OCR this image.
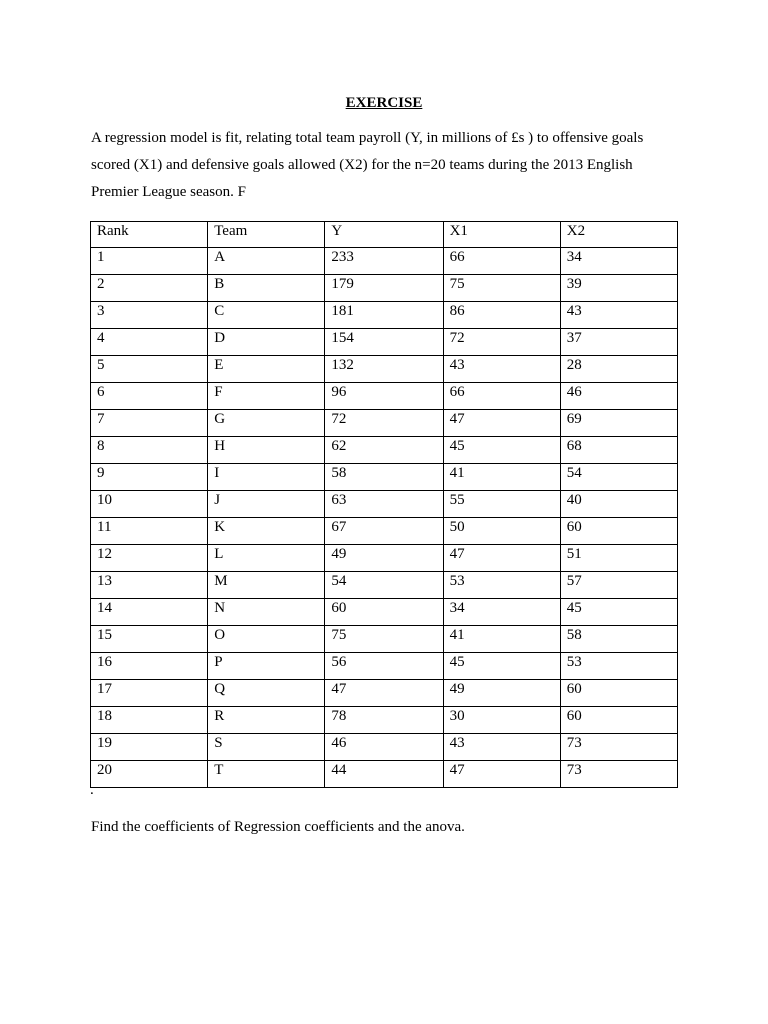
EXERCISE

A regression model is fit, relating total team payroll (Y, in millions of £s ) to offensive goals scored (X1) and defensive goals allowed (X2) for the n=20 teams during the 2013 English Premier League season. F

Rank	Team	Y	X1	X2
1	A	233	66	34
2	B	179	75	39
3	C	181	86	43
4	D	154	72	37
5	E	132	43	28
6	F	96	66	46
7	G	72	47	69
8	H	62	45	68
9	I	58	41	54
10	J	63	55	40
11	K	67	50	60
12	L	49	47	51
13	M	54	53	57
14	N	60	34	45
15	O	75	41	58
16	P	56	45	53
17	Q	47	49	60
18	R	78	30	60
19	S	46	43	73
20	T	44	47	73
.
Find the coefficients of Regression coefficients and the anova.
